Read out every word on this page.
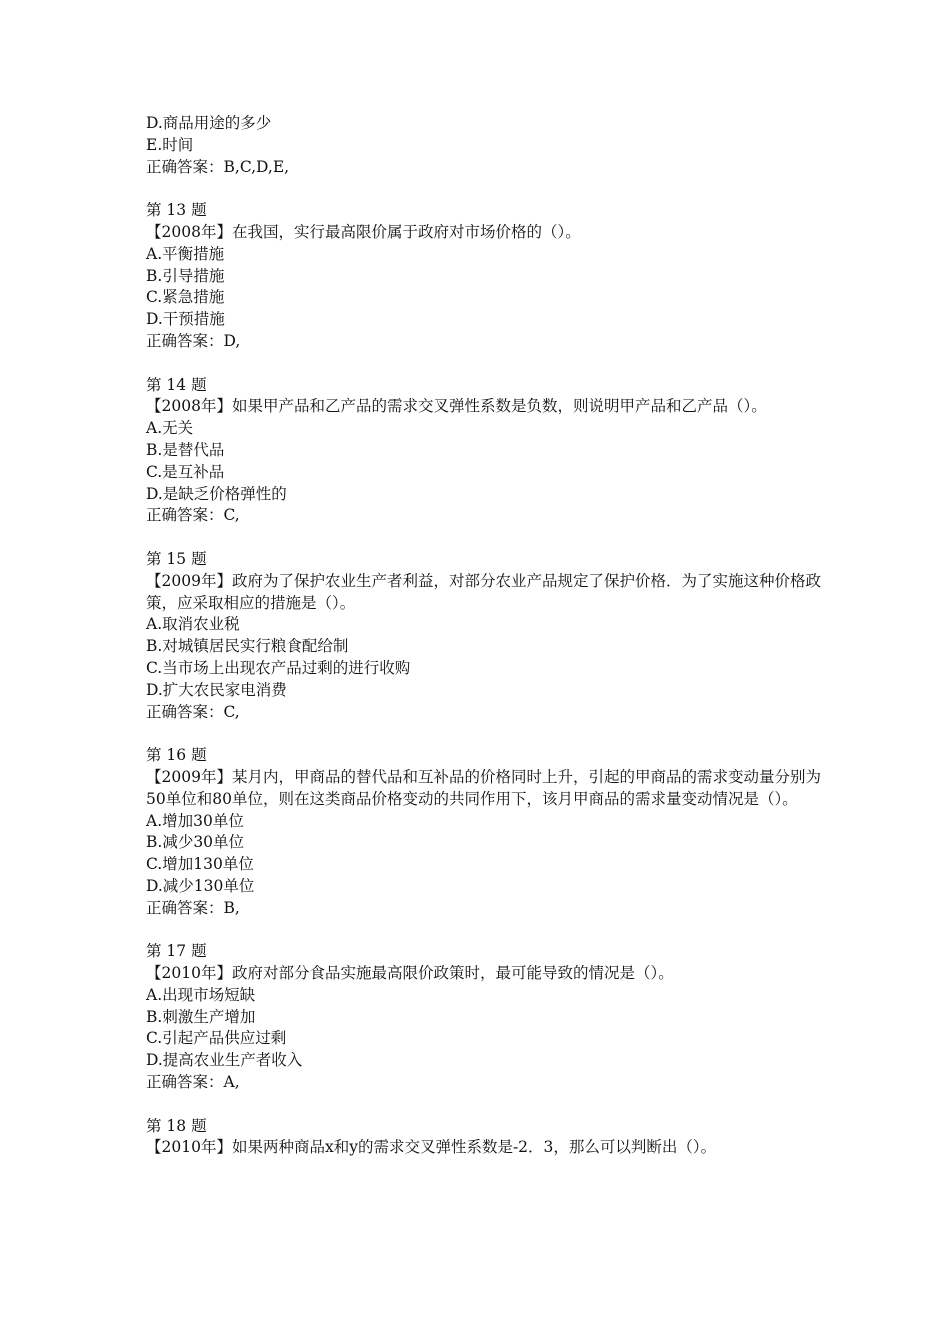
D.商品用途的多少
E.时间
正确答案：B,C,D,E,
第 13 题
【2008年】在我国，实行最高限价属于政府对市场价格的（）。
A.平衡措施
B.引导措施
C.紧急措施
D.干预措施
正确答案：D,
第 14 题
【2008年】如果甲产品和乙产品的需求交叉弹性系数是负数，则说明甲产品和乙产品（）。
A.无关
B.是替代品
C.是互补品
D.是缺乏价格弹性的
正确答案：C,
第 15 题
【2009年】政府为了保护农业生产者利益，对部分农业产品规定了保护价格．为了实施这种价格政策，应采取相应的措施是（）。
A.取消农业税
B.对城镇居民实行粮食配给制
C.当市场上出现农产品过剩的进行收购
D.扩大农民家电消费
正确答案：C,
第 16 题
【2009年】某月内，甲商品的替代品和互补品的价格同时上升，引起的甲商品的需求变动量分别为50单位和80单位，则在这类商品价格变动的共同作用下，该月甲商品的需求量变动情况是（）。
A.增加30单位
B.减少30单位
C.增加130单位
D.减少130单位
正确答案：B,
第 17 题
【2010年】政府对部分食品实施最高限价政策时，最可能导致的情况是（）。
A.出现市场短缺
B.刺激生产增加
C.引起产品供应过剩
D.提高农业生产者收入
正确答案：A,
第 18 题
【2010年】如果两种商品x和y的需求交叉弹性系数是-2．3，那么可以判断出（）。
